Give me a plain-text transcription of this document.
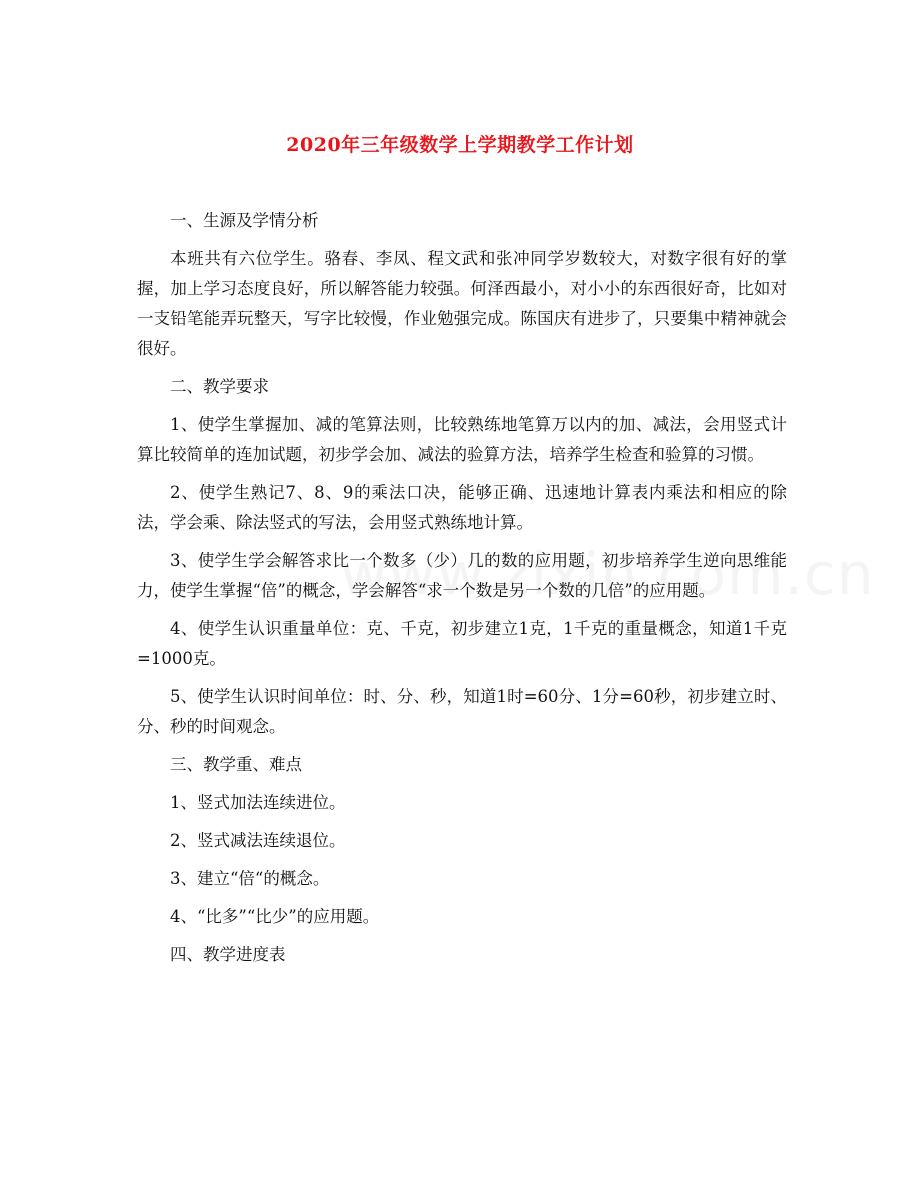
2020年三年级数学上学期教学工作计划

一、生源及学情分析

本班共有六位学生。骆春、李凤、程文武和张冲同学岁数较大，对数字很有好的掌握，加上学习态度良好，所以解答能力较强。何泽西最小，对小小的东西很好奇，比如对一支铅笔能弄玩整天，写字比较慢，作业勉强完成。陈国庆有进步了，只要集中精神就会很好。

二、教学要求

1、使学生掌握加、减的笔算法则，比较熟练地笔算万以内的加、减法，会用竖式计算比较简单的连加试题，初步学会加、减法的验算方法，培养学生检查和验算的习惯。

2、使学生熟记7、8、9的乘法口决，能够正确、迅速地计算表内乘法和相应的除法，学会乘、除法竖式的写法，会用竖式熟练地计算。

3、使学生学会解答求比一个数多（少）几的数的应用题，初步培养学生逆向思维能力，使学生掌握“倍”的概念，学会解答“求一个数是另一个数的几倍”的应用题。

4、使学生认识重量单位：克、千克，初步建立1克，1千克的重量概念，知道1千克=1000克。

5、使学生认识时间单位：时、分、秒，知道1时=60分、1分=60秒，初步建立时、分、秒的时间观念。

三、教学重、难点

1、竖式加法连续进位。

2、竖式减法连续退位。

3、建立“倍“的概念。

4、“比多”“比少”的应用题。

四、教学进度表
